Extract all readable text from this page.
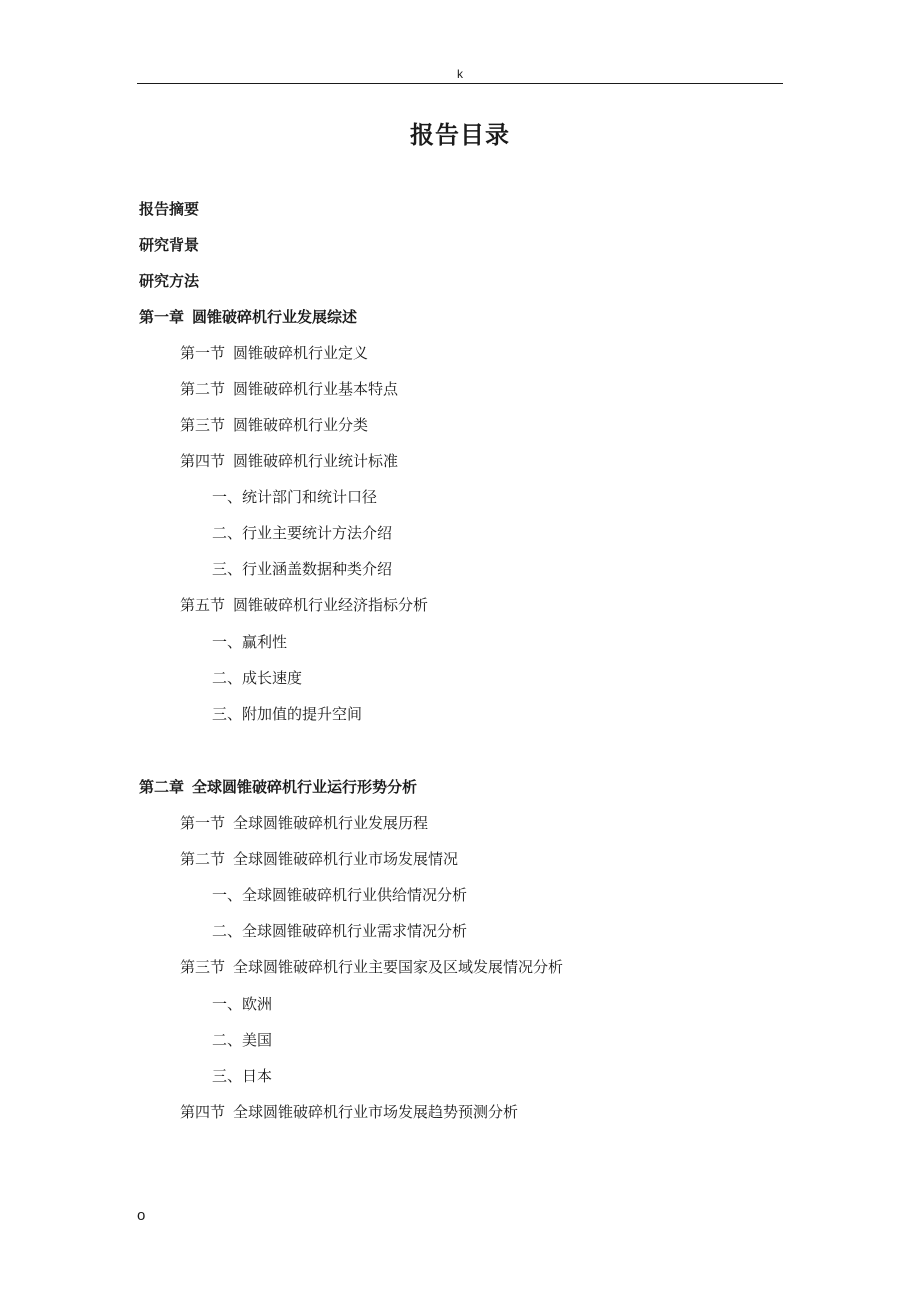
k
报告目录
报告摘要
研究背景
研究方法
第一章 圆锥破碎机行业发展综述
第一节 圆锥破碎机行业定义
第二节 圆锥破碎机行业基本特点
第三节 圆锥破碎机行业分类
第四节 圆锥破碎机行业统计标准
一、统计部门和统计口径
二、行业主要统计方法介绍
三、行业涵盖数据种类介绍
第五节 圆锥破碎机行业经济指标分析
一、赢利性
二、成长速度
三、附加值的提升空间
第二章 全球圆锥破碎机行业运行形势分析
第一节 全球圆锥破碎机行业发展历程
第二节 全球圆锥破碎机行业市场发展情况
一、全球圆锥破碎机行业供给情况分析
二、全球圆锥破碎机行业需求情况分析
第三节 全球圆锥破碎机行业主要国家及区域发展情况分析
一、欧洲
二、美国
三、日本
第四节 全球圆锥破碎机行业市场发展趋势预测分析
o
